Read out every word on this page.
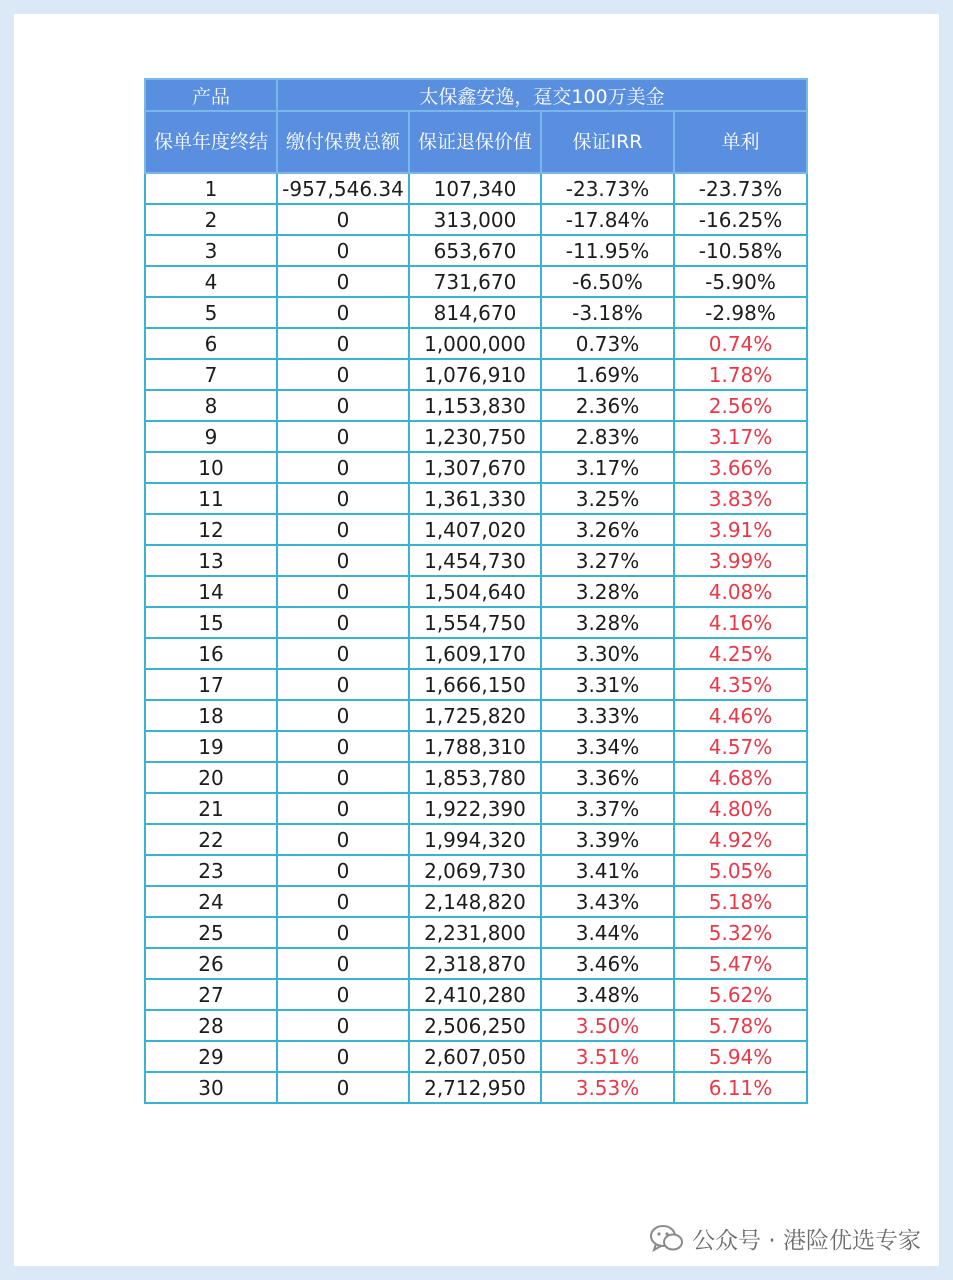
产品	太保鑫安逸，趸交100万美金			
保单年度终结	缴付保费总额	保证退保价值	保证IRR	单利
1	-957,546.34	107,340	-23.73%	-23.73%
2	0	313,000	-17.84%	-16.25%
3	0	653,670	-11.95%	-10.58%
4	0	731,670	-6.50%	-5.90%
5	0	814,670	-3.18%	-2.98%
6	0	1,000,000	0.73%	0.74%
7	0	1,076,910	1.69%	1.78%
8	0	1,153,830	2.36%	2.56%
9	0	1,230,750	2.83%	3.17%
10	0	1,307,670	3.17%	3.66%
11	0	1,361,330	3.25%	3.83%
12	0	1,407,020	3.26%	3.91%
13	0	1,454,730	3.27%	3.99%
14	0	1,504,640	3.28%	4.08%
15	0	1,554,750	3.28%	4.16%
16	0	1,609,170	3.30%	4.25%
17	0	1,666,150	3.31%	4.35%
18	0	1,725,820	3.33%	4.46%
19	0	1,788,310	3.34%	4.57%
20	0	1,853,780	3.36%	4.68%
21	0	1,922,390	3.37%	4.80%
22	0	1,994,320	3.39%	4.92%
23	0	2,069,730	3.41%	5.05%
24	0	2,148,820	3.43%	5.18%
25	0	2,231,800	3.44%	5.32%
26	0	2,318,870	3.46%	5.47%
27	0	2,410,280	3.48%	5.62%
28	0	2,506,250	3.50%	5.78%
29	0	2,607,050	3.51%	5.94%
30	0	2,712,950	3.53%	6.11%
公众号 · 港险优选专家
